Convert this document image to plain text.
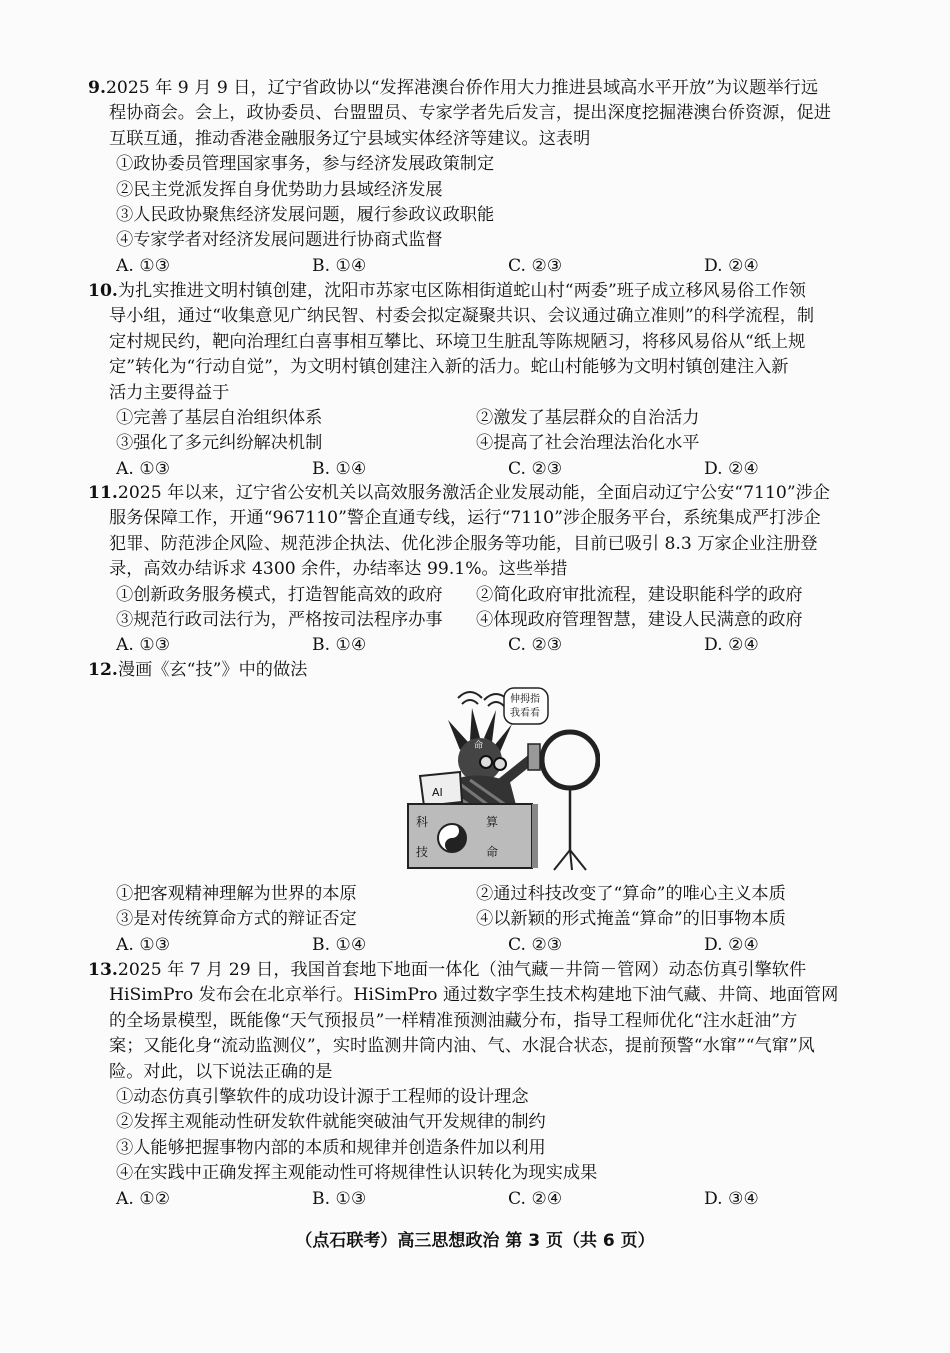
9.2025 年 9 月 9 日，辽宁省政协以“发挥港澳台侨作用大力推进县域高水平开放”为议题举行远
程协商会。会上，政协委员、台盟盟员、专家学者先后发言，提出深度挖掘港澳台侨资源，促进
互联互通，推动香港金融服务辽宁县域实体经济等建议。这表明
①政协委员管理国家事务，参与经济发展政策制定
②民主党派发挥自身优势助力县域经济发展
③人民政协聚焦经济发展问题，履行参政议政职能
④专家学者对经济发展问题进行协商式监督
A. ①③	B. ①④	C. ②③	D. ②④
10.为扎实推进文明村镇创建，沈阳市苏家屯区陈相街道蛇山村“两委”班子成立移风易俗工作领
导小组，通过“收集意见广纳民智、村委会拟定凝聚共识、会议通过确立准则”的科学流程，制
定村规民约，靶向治理红白喜事相互攀比、环境卫生脏乱等陈规陋习，将移风易俗从“纸上规
定”转化为“行动自觉”，为文明村镇创建注入新的活力。蛇山村能够为文明村镇创建注入新
活力主要得益于
①完善了基层自治组织体系	②激发了基层群众的自治活力
③强化了多元纠纷解决机制	④提高了社会治理法治化水平
A. ①③	B. ①④	C. ②③	D. ②④
11.2025 年以来，辽宁省公安机关以高效服务激活企业发展动能，全面启动辽宁公安“7110”涉企
服务保障工作，开通“967110”警企直通专线，运行“7110”涉企服务平台，系统集成严打涉企
犯罪、防范涉企风险、规范涉企执法、优化涉企服务等功能，目前已吸引 8.3 万家企业注册登
录，高效办结诉求 4300 余件，办结率达 99.1%。这些举措
①创新政务服务模式，打造智能高效的政府	②简化政府审批流程，建设职能科学的政府
③规范行政司法行为，严格按司法程序办事	④体现政府管理智慧，建设人民满意的政府
A. ①③	B. ①④	C. ②③	D. ②④
12.漫画《玄“技”》中的做法
命
伸拇指
我看看
AI
科
技
算
命
①把客观精神理解为世界的本原	②通过科技改变了“算命”的唯心主义本质
③是对传统算命方式的辩证否定	④以新颖的形式掩盖“算命”的旧事物本质
A. ①③	B. ①④	C. ②③	D. ②④
13.2025 年 7 月 29 日，我国首套地下地面一体化（油气藏－井筒－管网）动态仿真引擎软件
HiSimPro 发布会在北京举行。HiSimPro 通过数字孪生技术构建地下油气藏、井筒、地面管网
的全场景模型，既能像“天气预报员”一样精准预测油藏分布，指导工程师优化“注水赶油”方
案；又能化身“流动监测仪”，实时监测井筒内油、气、水混合状态，提前预警“水窜”“气窜”风
险。对此，以下说法正确的是
①动态仿真引擎软件的成功设计源于工程师的设计理念
②发挥主观能动性研发软件就能突破油气开发规律的制约
③人能够把握事物内部的本质和规律并创造条件加以利用
④在实践中正确发挥主观能动性可将规律性认识转化为现实成果
A. ①②	B. ①③	C. ②④	D. ③④
（点石联考）高三思想政治 第 3 页（共 6 页）
